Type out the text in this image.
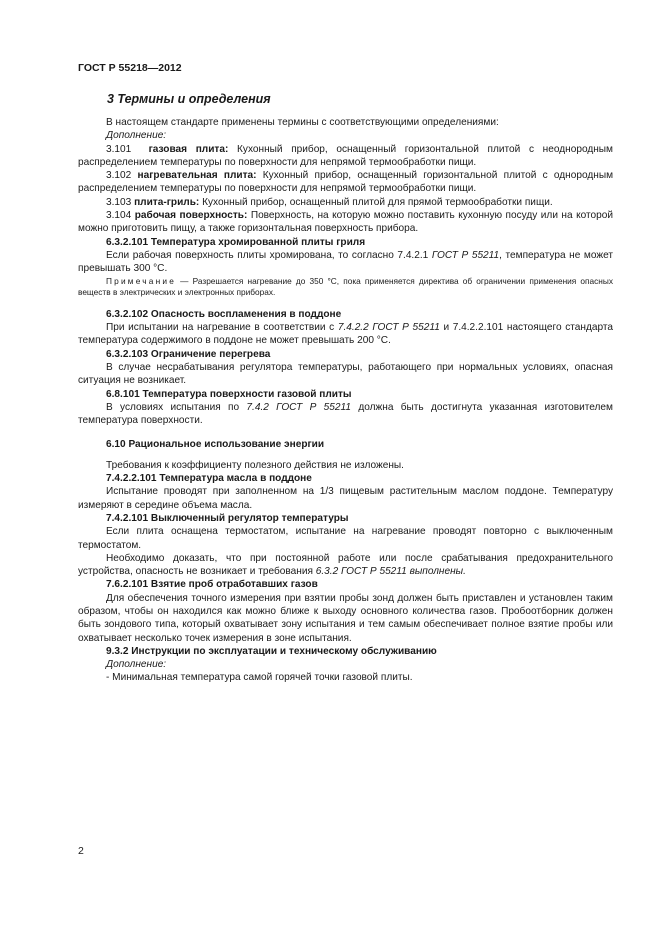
ГОСТ Р 55218—2012
3 Термины и определения

В настоящем стандарте применены термины с соответствующими определениями:

Дополнение:

3.101 газовая плита: Кухонный прибор, оснащенный горизонтальной плитой с неоднородным распределением температуры по поверхности для непрямой термообработки пищи.

3.102 нагревательная плита: Кухонный прибор, оснащенный горизонтальной плитой с однородным распределением температуры по поверхности для непрямой термообработки пищи.

3.103 плита-гриль: Кухонный прибор, оснащенный плитой для прямой термообработки пищи.

3.104 рабочая поверхность: Поверхность, на которую можно поставить кухонную посуду или на которой можно приготовить пищу, а также горизонтальная поверхность прибора.

6.3.2.101 Температура хромированной плиты гриля

Если рабочая поверхность плиты хромирована, то согласно 7.4.2.1 ГОСТ Р 55211, температура не может превышать 300 °С.

Примечание — Разрешается нагревание до 350 °С, пока применяется директива об ограничении применения опасных веществ в электрических и электронных приборах.

6.3.2.102 Опасность воспламенения в поддоне

При испытании на нагревание в соответствии с 7.4.2.2 ГОСТ Р 55211 и 7.4.2.2.101 настоящего стандарта температура содержимого в поддоне не может превышать 200 °С.

6.3.2.103 Ограничение перегрева

В случае несрабатывания регулятора температуры, работающего при нормальных условиях, опасная ситуация не возникает.

6.8.101 Температура поверхности газовой плиты

В условиях испытания по 7.4.2 ГОСТ Р 55211 должна быть достигнута указанная изготовителем температура поверхности.

6.10 Рациональное использование энергии

Требования к коэффициенту полезного действия не изложены.

7.4.2.2.101 Температура масла в поддоне

Испытание проводят при заполненном на 1/3 пищевым растительным маслом поддоне. Температуру измеряют в середине объема масла.

7.4.2.101 Выключенный регулятор температуры

Если плита оснащена термостатом, испытание на нагревание проводят повторно с выключенным термостатом.

Необходимо доказать, что при постоянной работе или после срабатывания предохранительного устройства, опасность не возникает и требования 6.3.2 ГОСТ Р 55211 выполнены.

7.6.2.101 Взятие проб отработавших газов

Для обеспечения точного измерения при взятии пробы зонд должен быть приставлен и установлен таким образом, чтобы он находился как можно ближе к выходу основного количества газов. Пробоотборник должен быть зондового типа, который охватывает зону испытания и тем самым обеспечивает полное взятие пробы или охватывает несколько точек измерения в зоне испытания.

9.3.2 Инструкции по эксплуатации и техническому обслуживанию

Дополнение:

- Минимальная температура самой горячей точки газовой плиты.

2
